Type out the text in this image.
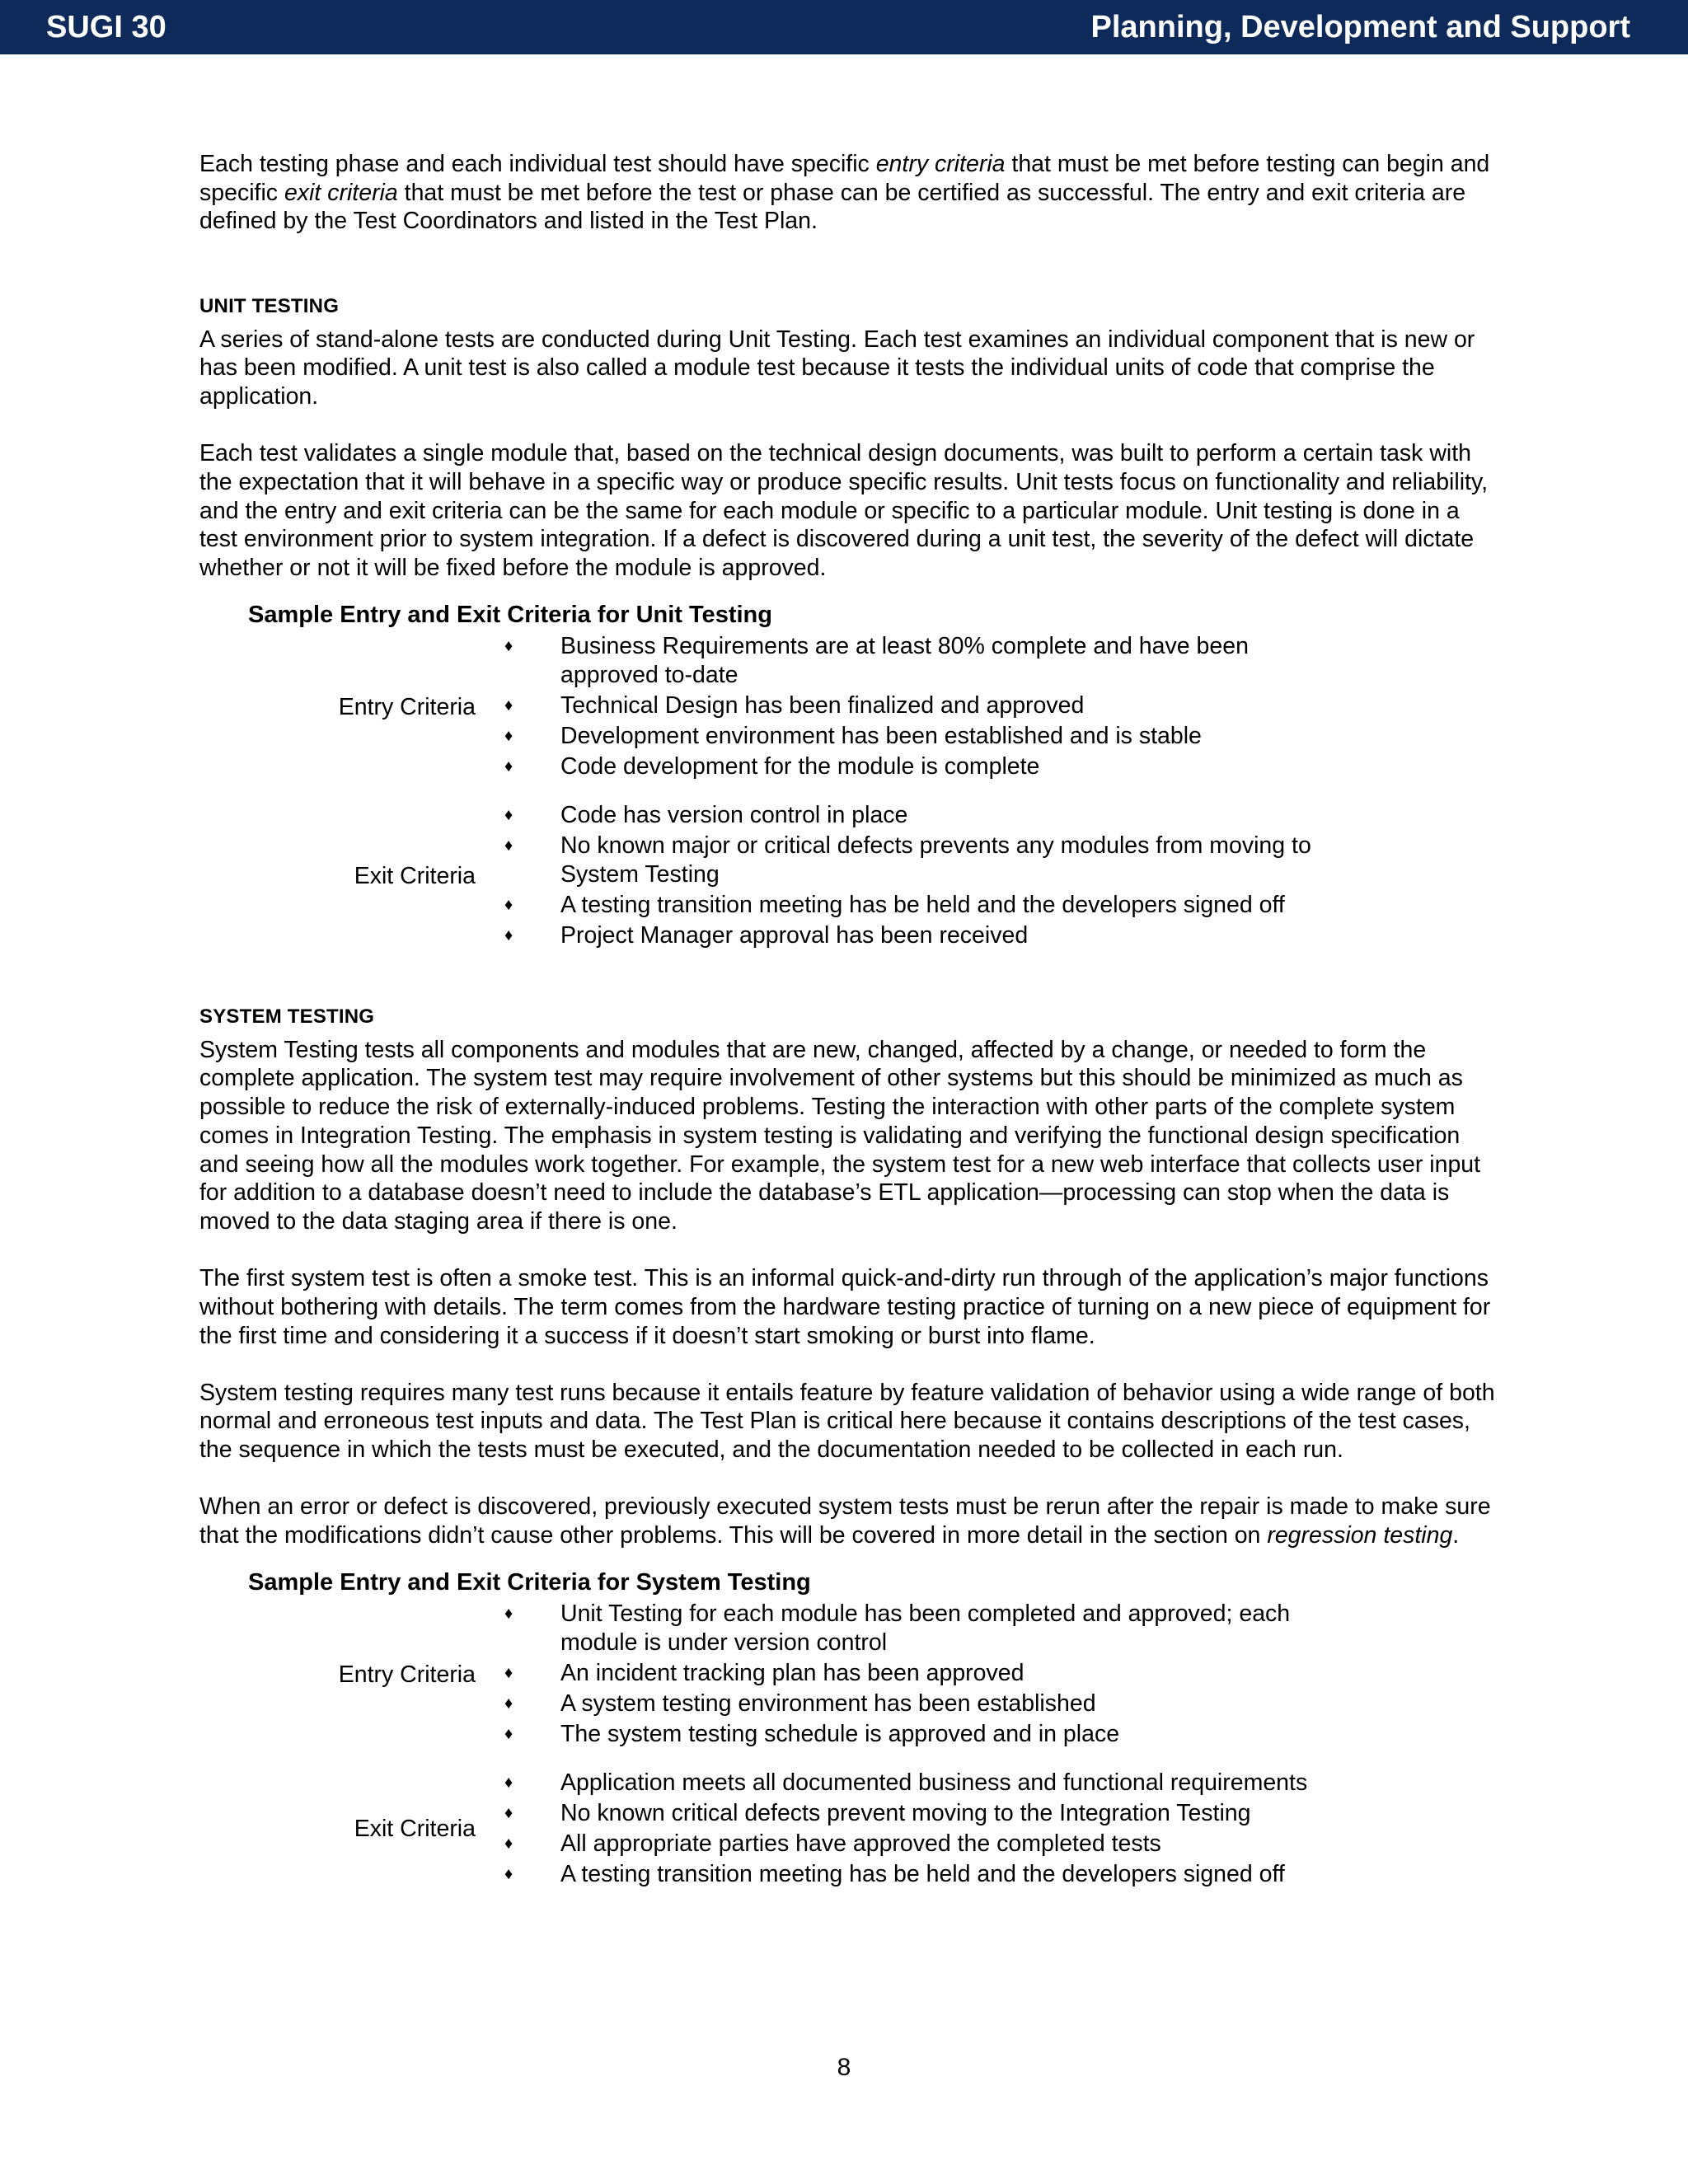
SUGI 30	Planning, Development and Support

Each testing phase and each individual test should have specific entry criteria that must be met before testing can begin and specific exit criteria that must be met before the test or phase can be certified as successful. The entry and exit criteria are defined by the Test Coordinators and listed in the Test Plan.

UNIT TESTING

A series of stand-alone tests are conducted during Unit Testing. Each test examines an individual component that is new or has been modified. A unit test is also called a module test because it tests the individual units of code that comprise the application.

Each test validates a single module that, based on the technical design documents, was built to perform a certain task with the expectation that it will behave in a specific way or produce specific results. Unit tests focus on functionality and reliability, and the entry and exit criteria can be the same for each module or specific to a particular module. Unit testing is done in a test environment prior to system integration. If a defect is discovered during a unit test, the severity of the defect will dictate whether or not it will be fixed before the module is approved.

Sample Entry and Exit Criteria for Unit Testing
Entry Criteria
♦	Business Requirements are at least 80% complete and have been approved to-date
♦	Technical Design has been finalized and approved
♦	Development environment has been established and is stable
♦	Code development for the module is complete
Exit Criteria
♦	Code has version control in place
♦	No known major or critical defects prevents any modules from moving to System Testing
♦	A testing transition meeting has be held and the developers signed off
♦	Project Manager approval has been received
SYSTEM TESTING

System Testing tests all components and modules that are new, changed, affected by a change, or needed to form the complete application. The system test may require involvement of other systems but this should be minimized as much as possible to reduce the risk of externally-induced problems. Testing the interaction with other parts of the complete system comes in Integration Testing. The emphasis in system testing is validating and verifying the functional design specification and seeing how all the modules work together. For example, the system test for a new web interface that collects user input for addition to a database doesn’t need to include the database’s ETL application—processing can stop when the data is moved to the data staging area if there is one.

The first system test is often a smoke test. This is an informal quick-and-dirty run through of the application’s major functions without bothering with details. The term comes from the hardware testing practice of turning on a new piece of equipment for the first time and considering it a success if it doesn’t start smoking or burst into flame.

System testing requires many test runs because it entails feature by feature validation of behavior using a wide range of both normal and erroneous test inputs and data. The Test Plan is critical here because it contains descriptions of the test cases, the sequence in which the tests must be executed, and the documentation needed to be collected in each run.

When an error or defect is discovered, previously executed system tests must be rerun after the repair is made to make sure that the modifications didn’t cause other problems. This will be covered in more detail in the section on regression testing.

Sample Entry and Exit Criteria for System Testing
Entry Criteria
♦	Unit Testing for each module has been completed and approved; each module is under version control
♦	An incident tracking plan has been approved
♦	A system testing environment has been established
♦	The system testing schedule is approved and in place
Exit Criteria
♦	Application meets all documented business and functional requirements
♦	No known critical defects prevent moving to the Integration Testing
♦	All appropriate parties have approved the completed tests
♦	A testing transition meeting has be held and the developers signed off
8
